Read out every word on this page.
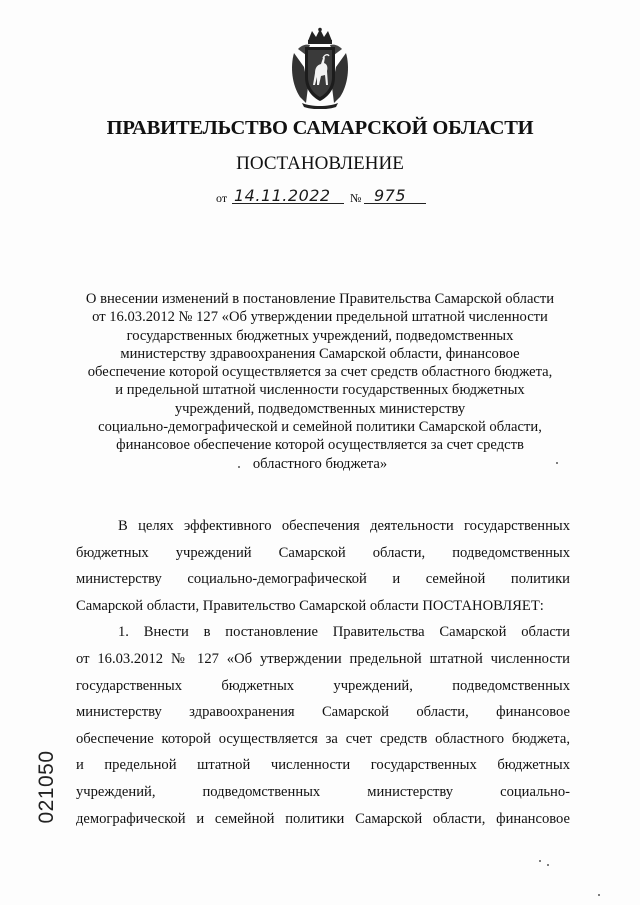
ПРАВИТЕЛЬСТВО САМАРСКОЙ ОБЛАСТИ
ПОСТАНОВЛЕНИЕ
от 14.11.2022 № 975
О внесении изменений в постановление Правительства Самарской области
от 16.03.2012 № 127 «Об утверждении предельной штатной численности
государственных бюджетных учреждений, подведомственных
министерству здравоохранения Самарской области, финансовое
обеспечение которой осуществляется за счет средств областного бюджета,
и предельной штатной численности государственных бюджетных
учреждений, подведомственных министерству
социально-демографической и семейной политики Самарской области,
финансовое обеспечение которой осуществляется за счет средств
областного бюджета»
В целях эффективного обеспечения деятельности государственных
бюджетных учреждений Самарской области, подведомственных
министерству социально-демографической и семейной политики
Самарской области, Правительство Самарской области ПОСТАНОВЛЯЕТ:
1. Внести в постановление Правительства Самарской области
от 16.03.2012 № 127 «Об утверждении предельной штатной численности
государственных бюджетных учреждений, подведомственных
министерству здравоохранения Самарской области, финансовое
обеспечение которой осуществляется за счет средств областного бюджета,
и предельной штатной численности государственных бюджетных
учреждений, подведомственных министерству социально-
демографической и семейной политики Самарской области, финансовое
021050
